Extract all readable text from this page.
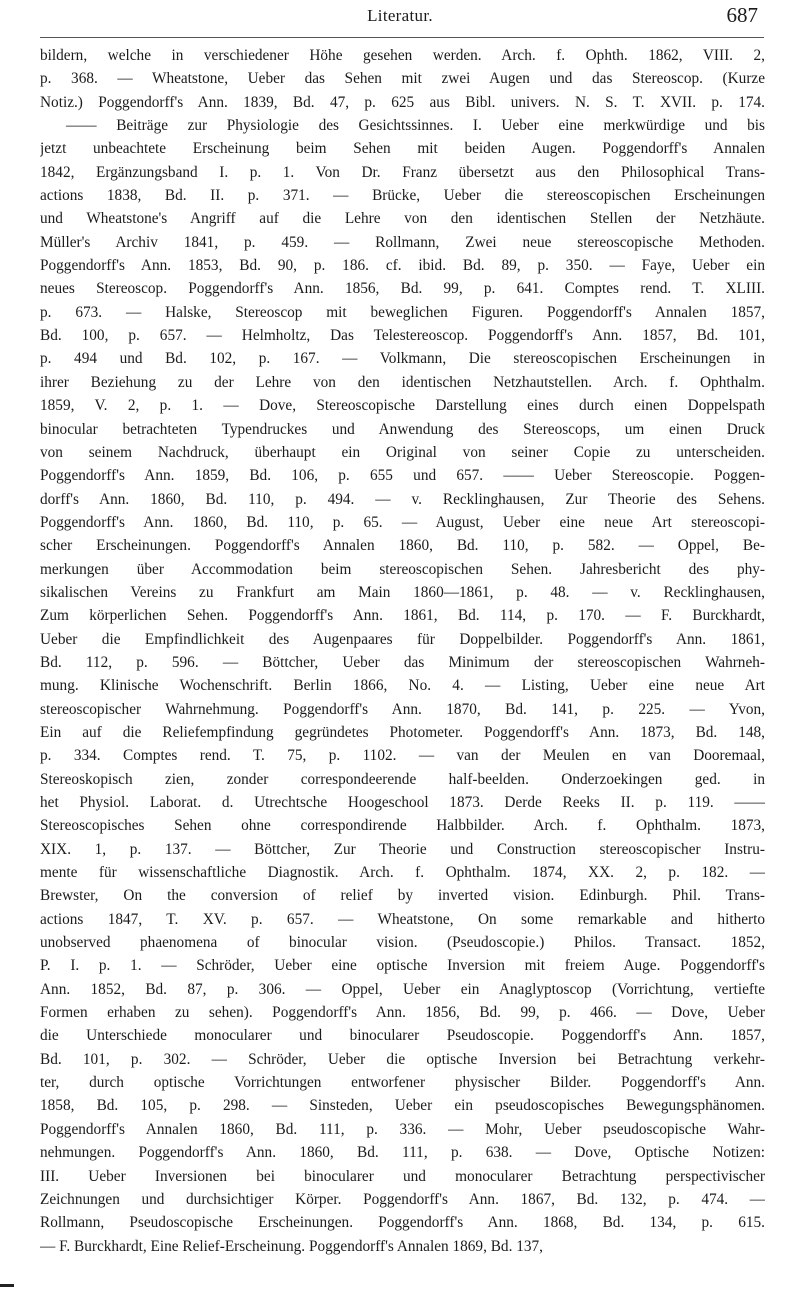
Literatur.	687
bildern, welche in verschiedener Höhe gesehen werden. Arch. f. Ophth. 1862, VIII. 2,
p. 368. — Wheatstone, Ueber das Sehen mit zwei Augen und das Stereoscop. (Kurze
Notiz.) Poggendorff's Ann. 1839, Bd. 47, p. 625 aus Bibl. univers. N. S. T. XVII. p. 174.
—— Beiträge zur Physiologie des Gesichtssinnes. I. Ueber eine merkwürdige und bis
jetzt unbeachtete Erscheinung beim Sehen mit beiden Augen. Poggendorff's Annalen
1842, Ergänzungsband I. p. 1. Von Dr. Franz übersetzt aus den Philosophical Trans-
actions 1838, Bd. II. p. 371. — Brücke, Ueber die stereoscopischen Erscheinungen
und Wheatstone's Angriff auf die Lehre von den identischen Stellen der Netzhäute.
Müller's Archiv 1841, p. 459. — Rollmann, Zwei neue stereoscopische Methoden.
Poggendorff's Ann. 1853, Bd. 90, p. 186. cf. ibid. Bd. 89, p. 350. — Faye, Ueber ein
neues Stereoscop. Poggendorff's Ann. 1856, Bd. 99, p. 641. Comptes rend. T. XLIII.
p. 673. — Halske, Stereoscop mit beweglichen Figuren. Poggendorff's Annalen 1857,
Bd. 100, p. 657. — Helmholtz, Das Telestereoscop. Poggendorff's Ann. 1857, Bd. 101,
p. 494 und Bd. 102, p. 167. — Volkmann, Die stereoscopischen Erscheinungen in
ihrer Beziehung zu der Lehre von den identischen Netzhautstellen. Arch. f. Ophthalm.
1859, V. 2, p. 1. — Dove, Stereoscopische Darstellung eines durch einen Doppelspath
binocular betrachteten Typendruckes und Anwendung des Stereoscops, um einen Druck
von seinem Nachdruck, überhaupt ein Original von seiner Copie zu unterscheiden.
Poggendorff's Ann. 1859, Bd. 106, p. 655 und 657. —— Ueber Stereoscopie. Poggen-
dorff's Ann. 1860, Bd. 110, p. 494. — v. Recklinghausen, Zur Theorie des Sehens.
Poggendorff's Ann. 1860, Bd. 110, p. 65. — August, Ueber eine neue Art stereoscopi-
scher Erscheinungen. Poggendorff's Annalen 1860, Bd. 110, p. 582. — Oppel, Be-
merkungen über Accommodation beim stereoscopischen Sehen. Jahresbericht des phy-
sikalischen Vereins zu Frankfurt am Main 1860—1861, p. 48. — v. Recklinghausen,
Zum körperlichen Sehen. Poggendorff's Ann. 1861, Bd. 114, p. 170. — F. Burckhardt,
Ueber die Empfindlichkeit des Augenpaares für Doppelbilder. Poggendorff's Ann. 1861,
Bd. 112, p. 596. — Böttcher, Ueber das Minimum der stereoscopischen Wahrneh-
mung. Klinische Wochenschrift. Berlin 1866, No. 4. — Listing, Ueber eine neue Art
stereoscopischer Wahrnehmung. Poggendorff's Ann. 1870, Bd. 141, p. 225. — Yvon,
Ein auf die Reliefempfindung gegründetes Photometer. Poggendorff's Ann. 1873, Bd. 148,
p. 334. Comptes rend. T. 75, p. 1102. — van der Meulen en van Dooremaal,
Stereoskopisch zien, zonder correspondeerende half-beelden. Onderzoekingen ged. in
het Physiol. Laborat. d. Utrechtsche Hoogeschool 1873. Derde Reeks II. p. 119. ——
Stereoscopisches Sehen ohne correspondirende Halbbilder. Arch. f. Ophthalm. 1873,
XIX. 1, p. 137. — Böttcher, Zur Theorie und Construction stereoscopischer Instru-
mente für wissenschaftliche Diagnostik. Arch. f. Ophthalm. 1874, XX. 2, p. 182. —
Brewster, On the conversion of relief by inverted vision. Edinburgh. Phil. Trans-
actions 1847, T. XV. p. 657. — Wheatstone, On some remarkable and hitherto
unobserved phaenomena of binocular vision. (Pseudoscopie.) Philos. Transact. 1852,
P. I. p. 1. — Schröder, Ueber eine optische Inversion mit freiem Auge. Poggendorff's
Ann. 1852, Bd. 87, p. 306. — Oppel, Ueber ein Anaglyptoscop (Vorrichtung, vertiefte
Formen erhaben zu sehen). Poggendorff's Ann. 1856, Bd. 99, p. 466. — Dove, Ueber
die Unterschiede monocularer und binocularer Pseudoscopie. Poggendorff's Ann. 1857,
Bd. 101, p. 302. — Schröder, Ueber die optische Inversion bei Betrachtung verkehr-
ter, durch optische Vorrichtungen entworfener physischer Bilder. Poggendorff's Ann.
1858, Bd. 105, p. 298. — Sinsteden, Ueber ein pseudoscopisches Bewegungsphänomen.
Poggendorff's Annalen 1860, Bd. 111, p. 336. — Mohr, Ueber pseudoscopische Wahr-
nehmungen. Poggendorff's Ann. 1860, Bd. 111, p. 638. — Dove, Optische Notizen:
III. Ueber Inversionen bei binocularer und monocularer Betrachtung perspectivischer
Zeichnungen und durchsichtiger Körper. Poggendorff's Ann. 1867, Bd. 132, p. 474. —
Rollmann, Pseudoscopische Erscheinungen. Poggendorff's Ann. 1868, Bd. 134, p. 615.
— F. Burckhardt, Eine Relief-Erscheinung. Poggendorff's Annalen 1869, Bd. 137,
